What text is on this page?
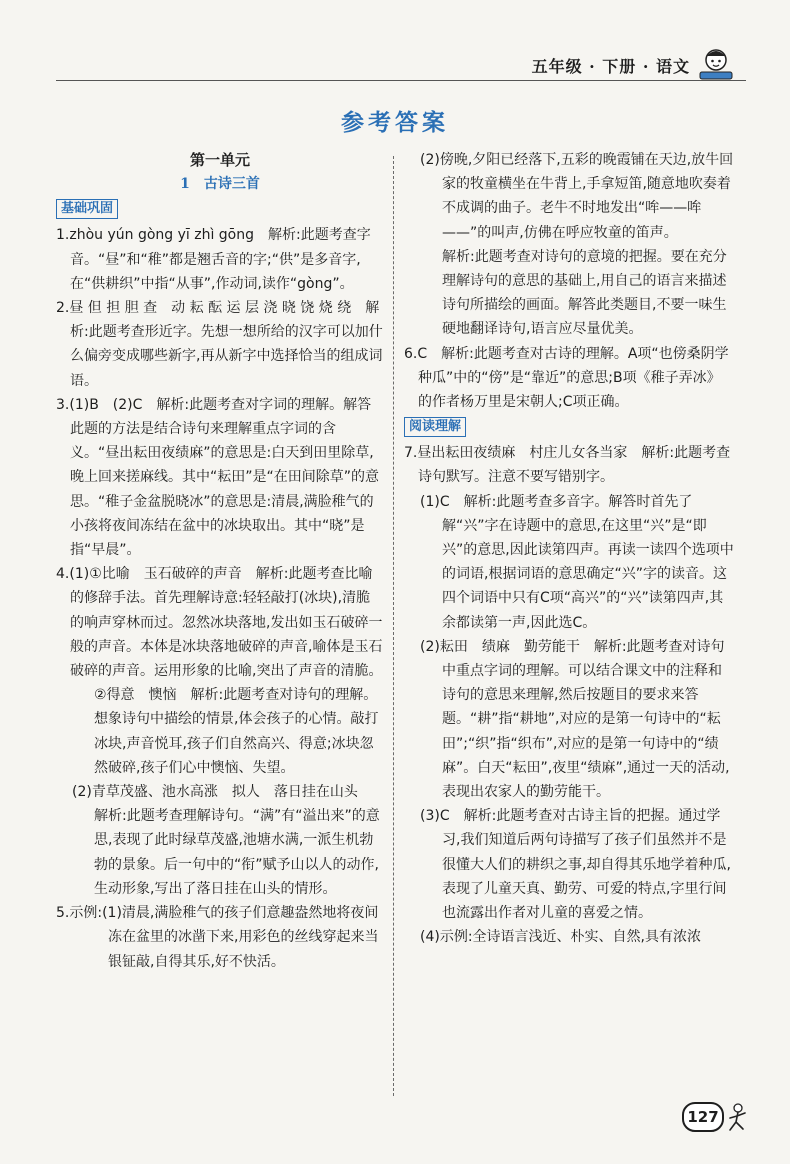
五年级 · 下册 · 语文
参考答案

第一单元

1　古诗三首

基础巩固

1.zhòu yún gòng yī zhì gōng　解析:此题考查字音。“昼”和“稚”都是翘舌音的字;“供”是多音字,在“供耕织”中指“从事”,作动词,读作“gòng”。

2.昼 但 担 胆 查　动 耘 酝 运 层 浇 晓 饶 烧 绕　解析:此题考查形近字。先想一想所给的汉字可以加什么偏旁变成哪些新字,再从新字中选择恰当的组成词语。

3.(1)B　(2)C　解析:此题考查对字词的理解。解答此题的方法是结合诗句来理解重点字词的含义。“昼出耘田夜绩麻”的意思是:白天到田里除草,晚上回来搓麻线。其中“耘田”是“在田间除草”的意思。“稚子金盆脱晓冰”的意思是:清晨,满脸稚气的小孩将夜间冻结在盆中的冰块取出。其中“晓”是指“早晨”。

4.(1)①比喻　玉石破碎的声音　解析:此题考查比喻的修辞手法。首先理解诗意:轻轻敲打(冰块),清脆的响声穿林而过。忽然冰块落地,发出如玉石破碎一般的声音。本体是冰块落地破碎的声音,喻体是玉石破碎的声音。运用形象的比喻,突出了声音的清脆。

②得意　懊恼　解析:此题考查对诗句的理解。想象诗句中描绘的情景,体会孩子的心情。敲打冰块,声音悦耳,孩子们自然高兴、得意;冰块忽然破碎,孩子们心中懊恼、失望。

(2)青草茂盛、池水高涨　拟人　落日挂在山头　解析:此题考查理解诗句。“满”有“溢出来”的意思,表现了此时绿草茂盛,池塘水满,一派生机勃勃的景象。后一句中的“衔”赋予山以人的动作,生动形象,写出了落日挂在山头的情形。

5.示例:(1)清晨,满脸稚气的孩子们意趣盎然地将夜间冻在盆里的冰凿下来,用彩色的丝线穿起来当银钲敲,自得其乐,好不快活。

(2)傍晚,夕阳已经落下,五彩的晚霞铺在天边,放牛回家的牧童横坐在牛背上,手拿短笛,随意地吹奏着不成调的曲子。老牛不时地发出“哞——哞——”的叫声,仿佛在呼应牧童的笛声。

解析:此题考查对诗句的意境的把握。要在充分理解诗句的意思的基础上,用自己的语言来描述诗句所描绘的画面。解答此类题目,不要一味生硬地翻译诗句,语言应尽量优美。

6.C　解析:此题考查对古诗的理解。A项“也傍桑阴学种瓜”中的“傍”是“靠近”的意思;B项《稚子弄冰》的作者杨万里是宋朝人;C项正确。

阅读理解

7.昼出耘田夜绩麻　村庄儿女各当家　解析:此题考查诗句默写。注意不要写错别字。

(1)C　解析:此题考查多音字。解答时首先了解“兴”字在诗题中的意思,在这里“兴”是“即兴”的意思,因此读第四声。再读一读四个选项中的词语,根据词语的意思确定“兴”字的读音。这四个词语中只有C项“高兴”的“兴”读第四声,其余都读第一声,因此选C。

(2)耘田　绩麻　勤劳能干　解析:此题考查对诗句中重点字词的理解。可以结合课文中的注释和诗句的意思来理解,然后按题目的要求来答题。“耕”指“耕地”,对应的是第一句诗中的“耘田”;“织”指“织布”,对应的是第一句诗中的“绩麻”。白天“耘田”,夜里“绩麻”,通过一天的活动,表现出农家人的勤劳能干。

(3)C　解析:此题考查对古诗主旨的把握。通过学习,我们知道后两句诗描写了孩子们虽然并不是很懂大人们的耕织之事,却自得其乐地学着种瓜,表现了儿童天真、勤劳、可爱的特点,字里行间也流露出作者对儿童的喜爱之情。

(4)示例:全诗语言浅近、朴实、自然,具有浓浓

127
